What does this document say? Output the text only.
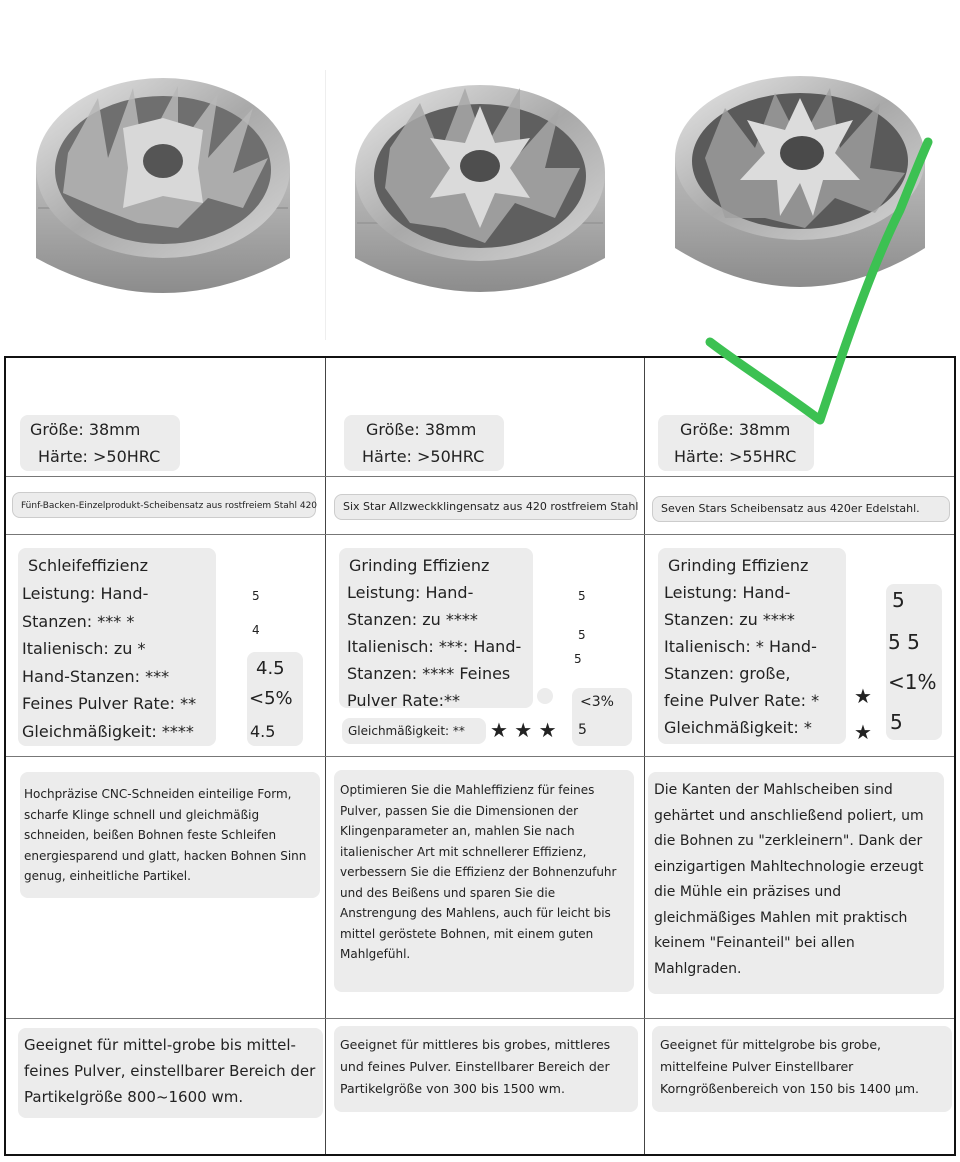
Größe: 38mm
Härte: >50HRC
Fünf-Backen-Einzelprodukt-Scheibensatz aus rostfreiem Stahl 420
Schleifeffizienz
Leistung: Hand-
Stanzen: *** *
Italienisch: zu *
Hand-Stanzen: ***
Feines Pulver Rate: **
Gleichmäßigkeit: ****
5
4
4.5
<5%
4.5
Hochpräzise CNC-Schneiden einteilige Form, scharfe Klinge schnell und gleichmäßig schneiden, beißen Bohnen feste Schleifen energiesparend und glatt, hacken Bohnen Sinn genug, einheitliche Partikel.
Geeignet für mittel-grobe bis mittel-feines Pulver, einstellbarer Bereich der Partikelgröße 800~1600 wm.
Größe: 38mm
Härte: >50HRC
Six Star Allzweckklingensatz aus 420 rostfreiem Stahl
Grinding Effizienz
Leistung: Hand-
Stanzen: zu ****
Italienisch: ***: Hand-
Stanzen: **** Feines
Pulver Rate:**
Gleichmäßigkeit: ** ★ ★ ★
5
5
5
<3%
5
Optimieren Sie die Mahleffizienz für feines Pulver, passen Sie die Dimensionen der Klingenparameter an, mahlen Sie nach italienischer Art mit schnellerer Effizienz, verbessern Sie die Effizienz der Bohnenzufuhr und des Beißens und sparen Sie die Anstrengung des Mahlens, auch für leicht bis mittel geröstete Bohnen, mit einem guten Mahlgefühl.
Geeignet für mittleres bis grobes, mittleres und feines Pulver. Einstellbarer Bereich der Partikelgröße von 300 bis 1500 wm.
Größe: 38mm
Härte: >55HRC
Seven Stars Scheibensatz aus 420er Edelstahl.
Grinding Effizienz
Leistung: Hand-
Stanzen: zu ****
Italienisch: * Hand-
Stanzen: große,
feine Pulver Rate: *
Gleichmäßigkeit: *
5
5 5
<1%
5
★
★
Die Kanten der Mahlscheiben sind gehärtet und anschließend poliert, um die Bohnen zu "zerkleinern". Dank der einzigartigen Mahltechnologie erzeugt die Mühle ein präzises und gleichmäßiges Mahlen mit praktisch keinem "Feinanteil" bei allen Mahlgraden.
Geeignet für mittelgrobe bis grobe, mittelfeine Pulver Einstellbarer Korngrößenbereich von 150 bis 1400 µm.
